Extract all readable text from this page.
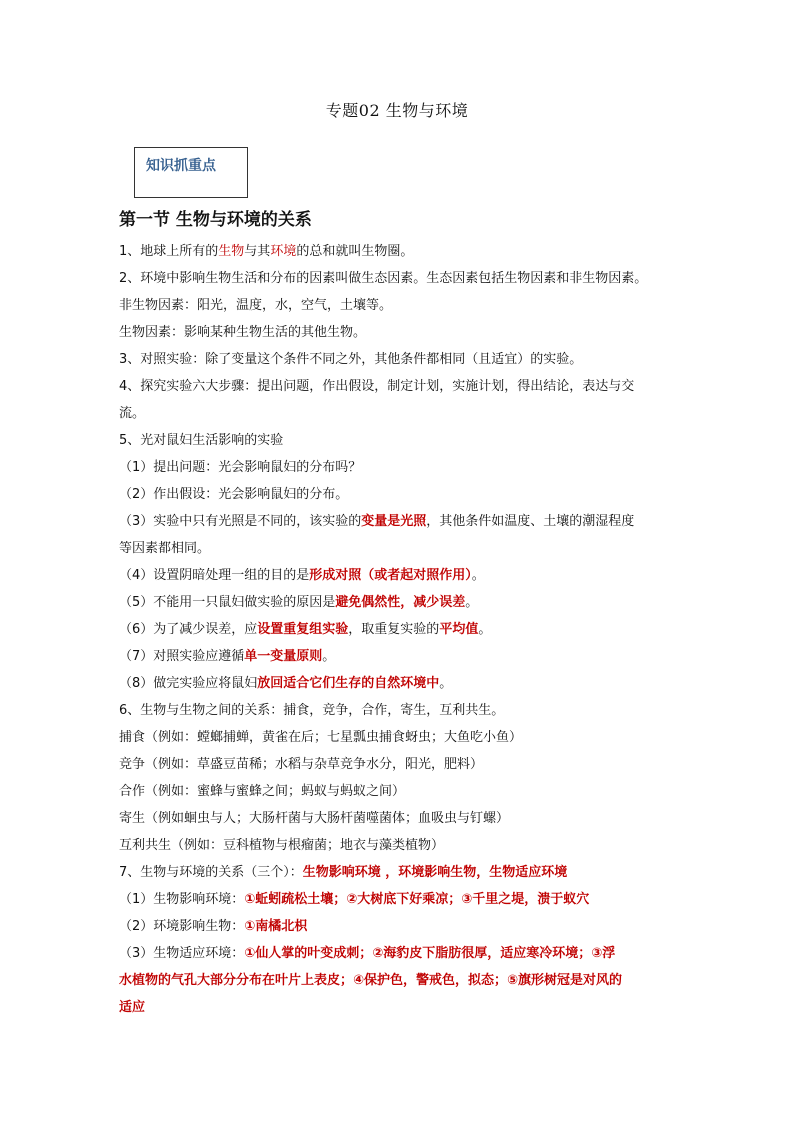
专题02 生物与环境
知识抓重点
第一节 生物与环境的关系
1、地球上所有的生物与其环境的总和就叫生物圈。
2、环境中影响生物生活和分布的因素叫做生态因素。生态因素包括生物因素和非生物因素。
非生物因素：阳光，温度，水，空气，土壤等。
生物因素：影响某种生物生活的其他生物。
3、对照实验：除了变量这个条件不同之外，其他条件都相同（且适宜）的实验。
4、探究实验六大步骤：提出问题，作出假设，制定计划，实施计划，得出结论，表达与交
流。
5、光对鼠妇生活影响的实验
（1）提出问题：光会影响鼠妇的分布吗？
（2）作出假设：光会影响鼠妇的分布。
（3）实验中只有光照是不同的，该实验的变量是光照，其他条件如温度、土壤的潮湿程度
等因素都相同。
（4）设置阴暗处理一组的目的是形成对照（或者起对照作用）。
（5）不能用一只鼠妇做实验的原因是避免偶然性，减少误差。
（6）为了减少误差，应设置重复组实验，取重复实验的平均值。
（7）对照实验应遵循单一变量原则。
（8）做完实验应将鼠妇放回适合它们生存的自然环境中。
6、生物与生物之间的关系：捕食，竞争，合作，寄生，互利共生。
捕食（例如：螳螂捕蝉，黄雀在后；七星瓢虫捕食蚜虫；大鱼吃小鱼）
竞争（例如：草盛豆苗稀；水稻与杂草竞争水分，阳光，肥料）
合作（例如：蜜蜂与蜜蜂之间；蚂蚁与蚂蚁之间）
寄生（例如蛔虫与人；大肠杆菌与大肠杆菌噬菌体；血吸虫与钉螺）
互利共生（例如：豆科植物与根瘤菌；地衣与藻类植物）
7、生物与环境的关系（三个）：生物影响环境 ，环境影响生物，生物适应环境
（1）生物影响环境：①蚯蚓疏松土壤；②大树底下好乘凉；③千里之堤，溃于蚁穴
（2）环境影响生物：①南橘北枳
（3）生物适应环境：①仙人掌的叶变成刺；②海豹皮下脂肪很厚，适应寒冷环境；③浮
水植物的气孔大部分分布在叶片上表皮；④保护色，警戒色，拟态；⑤旗形树冠是对风的
适应
